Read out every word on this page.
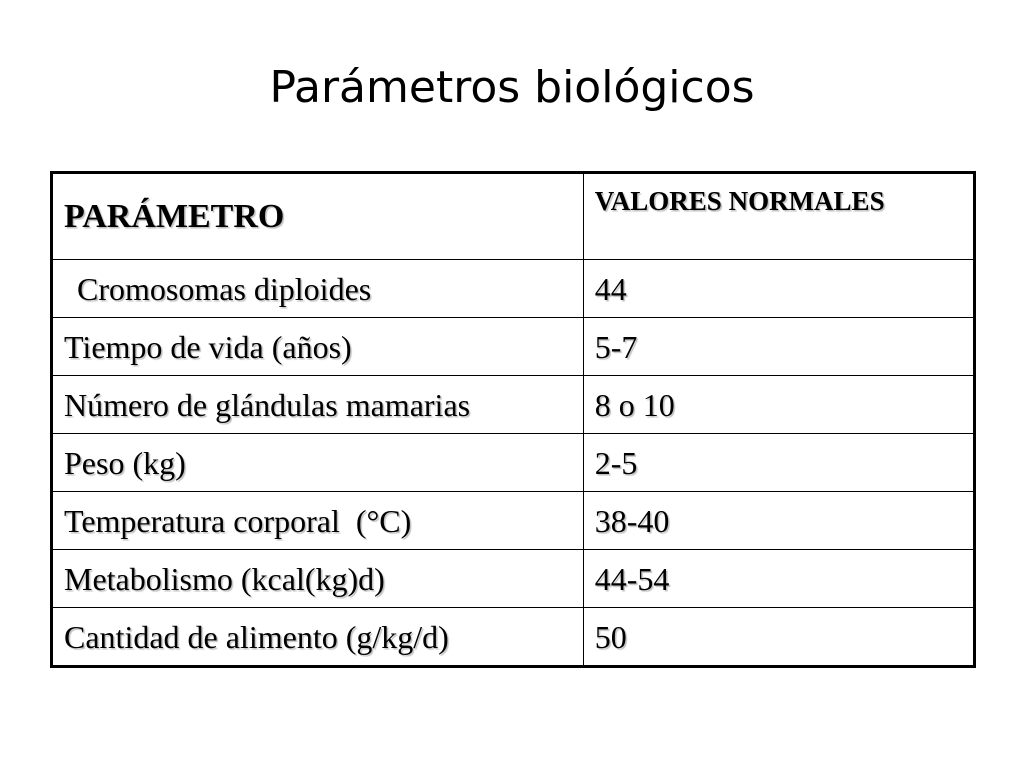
Parámetros biológicos
PARÁMETRO	VALORES NORMALES
Cromosomas diploides	44
Tiempo de vida (años)	5-7
Número de glándulas mamarias	8 o 10
Peso (kg)	2-5
Temperatura corporal  (°C)	38-40
Metabolismo (kcal(kg)d)	44-54
Cantidad de alimento (g/kg/d)	50
